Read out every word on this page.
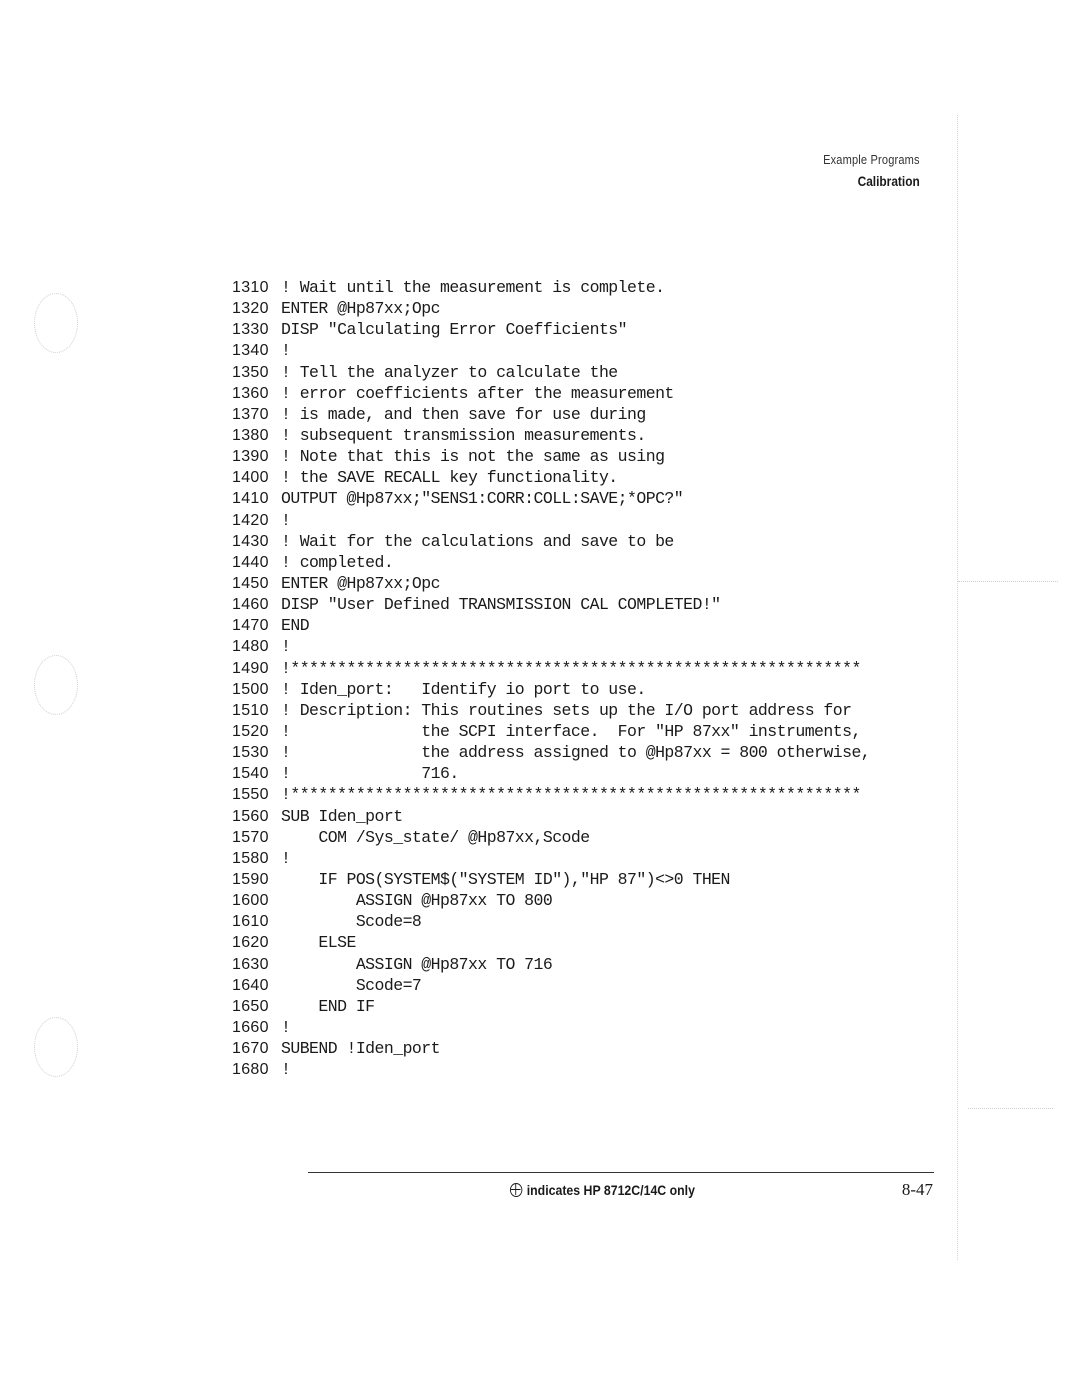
Example Programs
Calibration
1310 ! Wait until the measurement is complete.
1320 ENTER @Hp87xx;Opc
1330 DISP "Calculating Error Coefficients"
1340 !
1350 ! Tell the analyzer to calculate the
1360 ! error coefficients after the measurement
1370 ! is made, and then save for use during
1380 ! subsequent transmission measurements.
1390 ! Note that this is not the same as using
1400 ! the SAVE RECALL key functionality.
1410 OUTPUT @Hp87xx;"SENS1:CORR:COLL:SAVE;*OPC?"
1420 !
1430 ! Wait for the calculations and save to be
1440 ! completed.
1450 ENTER @Hp87xx;Opc
1460 DISP "User Defined TRANSMISSION CAL COMPLETED!"
1470 END
1480 !
1490 !*************************************************************
1500 ! Iden_port:   Identify io port to use.
1510 ! Description: This routines sets up the I/O port address for
1520 !              the SCPI interface.  For "HP 87xx" instruments,
1530 !              the address assigned to @Hp87xx = 800 otherwise,
1540 !              716.
1550 !*************************************************************
1560 SUB Iden_port
1570    COM /Sys_state/ @Hp87xx,Scode
1580 !
1590    IF POS(SYSTEM$("SYSTEM ID"),"HP 87")<>0 THEN
1600        ASSIGN @Hp87xx TO 800
1610        Scode=8
1620    ELSE
1630        ASSIGN @Hp87xx TO 716
1640        Scode=7
1650    END IF
1660 !
1670 SUBEND !Iden_port
1680 !
indicates HP 8712C/14C only	8-47
